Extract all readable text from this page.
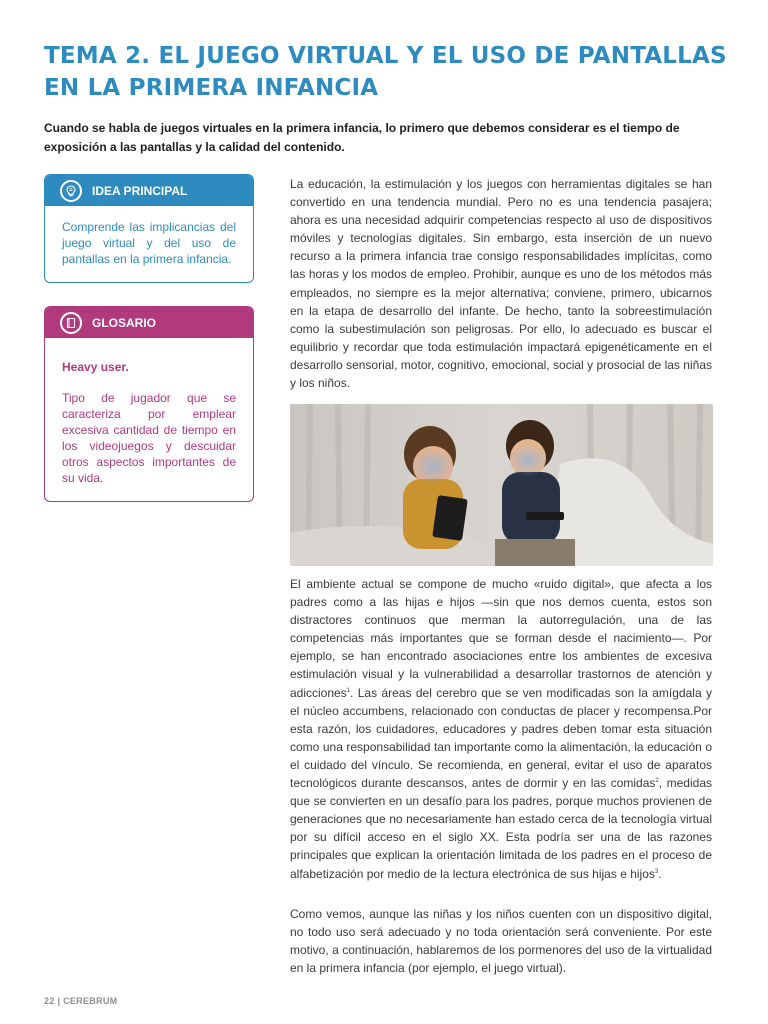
TEMA 2. EL JUEGO VIRTUAL Y EL USO DE PANTALLAS EN LA PRIMERA INFANCIA

Cuando se habla de juegos virtuales en la primera infancia, lo primero que debemos considerar es el tiempo de exposición a las pantallas y la calidad del contenido.

IDEA PRINCIPAL
Comprende las implicancias del juego virtual y del uso de pantallas en la primera infancia.
GLOSARIO
Heavy user.
Tipo de jugador que se caracteriza por emplear excesiva cantidad de tiempo en los videojuegos y descuidar otros aspectos importantes de su vida.

La educación, la estimulación y los juegos con herramientas digitales se han convertido en una tendencia mundial. Pero no es una tendencia pasajera; ahora es una necesidad adquirir competencias respecto al uso de dispositivos móviles y tecnologías digitales. Sin embargo, esta inserción de un nuevo recurso a la primera infancia trae consigo responsabilidades implícitas, como las horas y los modos de empleo. Prohibir, aunque es uno de los métodos más empleados, no siempre es la mejor alternativa; conviene, primero, ubicarnos en la etapa de desarrollo del infante. De hecho, tanto la sobreestimulación como la subestimulación son peligrosas. Por ello, lo adecuado es buscar el equilibrio y recordar que toda estimulación impactará epigenéticamente en el desarrollo sensorial, motor, cognitivo, emocional, social y prosocial de las niñas y los niños.

El ambiente actual se compone de mucho «ruido digital», que afecta a los padres como a las hijas e hijos —sin que nos demos cuenta, estos son distractores continuos que merman la autorregulación, una de las competencias más importantes que se forman desde el nacimiento—. Por ejemplo, se han encontrado asociaciones entre los ambientes de excesiva estimulación visual y la vulnerabilidad a desarrollar trastornos de atención y adicciones$^1$. Las áreas del cerebro que se ven modificadas son la amígdala y el núcleo accumbens, relacionado con conductas de placer y recompensa.Por esta razón, los cuidadores, educadores y padres deben tomar esta situación como una responsabilidad tan importante como la alimentación, la educación o el cuidado del vínculo. Se recomienda, en general, evitar el uso de aparatos tecnológicos durante descansos, antes de dormir y en las comidas$^2$, medidas que se convierten en un desafío para los padres, porque muchos provienen de generaciones que no necesariamente han estado cerca de la tecnología virtual por su difícil acceso en el siglo XX. Esta podría ser una de las razones principales que explican la orientación limitada de los padres en el proceso de alfabetización por medio de la lectura electrónica de sus hijas e hijos$^3$.

Como vemos, aunque las niñas y los niños cuenten con un dispositivo digital, no todo uso será adecuado y no toda orientación será conveniente. Por este motivo, a continuación, hablaremos de los pormenores del uso de la virtualidad en la primera infancia (por ejemplo, el juego virtual).

22 | CEREBRUM
